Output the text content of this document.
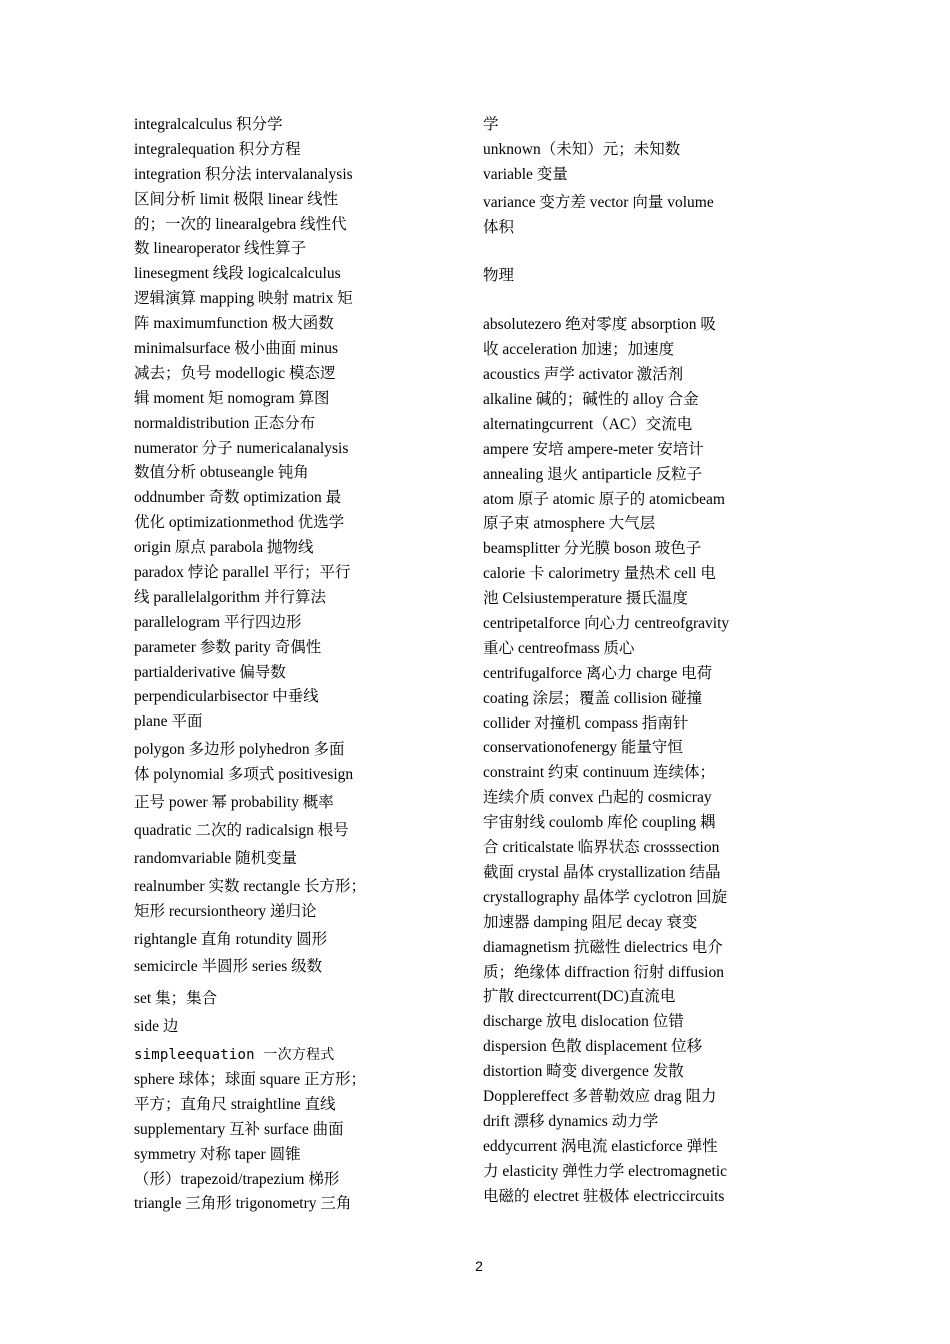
integralcalculus 积分学
integralequation 积分方程
integration 积分法 intervalanalysis
区间分析 limit 极限 linear 线性
的；一次的 linearalgebra 线性代
数 linearoperator 线性算子
linesegment 线段 logicalcalculus
逻辑演算 mapping 映射 matrix 矩
阵 maximumfunction 极大函数
minimalsurface 极小曲面 minus
减去；负号 modellogic 模态逻
辑 moment 矩 nomogram 算图
normaldistribution 正态分布
numerator 分子 numericalanalysis
数值分析 obtuseangle 钝角
oddnumber 奇数 optimization 最
优化 optimizationmethod 优选学
origin 原点 parabola 抛物线
paradox 悖论 parallel 平行；平行
线 parallelalgorithm 并行算法
parallelogram 平行四边形
parameter 参数 parity 奇偶性
partialderivative 偏导数
perpendicularbisector 中垂线
plane 平面
polygon 多边形 polyhedron 多面
体 polynomial 多项式 positivesign
正号 power 幂 probability 概率
quadratic 二次的 radicalsign 根号
randomvariable 随机变量
realnumber 实数 rectangle 长方形；
矩形 recursiontheory 递归论
rightangle 直角 rotundity 圆形
semicircle 半圆形 series 级数
set 集；集合
side 边
simpleequation 一次方程式
sphere 球体；球面 square 正方形；
平方；直角尺 straightline 直线
supplementary 互补 surface 曲面
symmetry 对称 taper 圆锥
（形）trapezoid/trapezium 梯形
triangle 三角形 trigonometry 三角
学
unknown（未知）元；未知数
variable 变量
variance 变方差 vector 向量 volume
体积
物理
absolutezero 绝对零度 absorption 吸
收 acceleration 加速；加速度
acoustics 声学 activator 激活剂
alkaline 碱的；碱性的 alloy 合金
alternatingcurrent（AC）交流电
ampere 安培 ampere-meter 安培计
annealing 退火 antiparticle 反粒子
atom 原子 atomic 原子的 atomicbeam
原子束 atmosphere 大气层
beamsplitter 分光膜 boson 玻色子
calorie 卡 calorimetry 量热术 cell 电
池 Celsiustemperature 摄氏温度
centripetalforce 向心力 centreofgravity
重心 centreofmass 质心
centrifugalforce 离心力 charge 电荷
coating 涂层；覆盖 collision 碰撞
collider 对撞机 compass 指南针
conservationofenergy 能量守恒
constraint 约束 continuum 连续体；
连续介质 convex 凸起的 cosmicray
宇宙射线 coulomb 库伦 coupling 耦
合 criticalstate 临界状态 crosssection
截面 crystal 晶体 crystallization 结晶
crystallography 晶体学 cyclotron 回旋
加速器 damping 阻尼 decay 衰变
diamagnetism 抗磁性 dielectrics 电介
质；绝缘体 diffraction 衍射 diffusion
扩散 directcurrent(DC)直流电
discharge 放电 dislocation 位错
dispersion 色散 displacement 位移
distortion 畸变 divergence 发散
Dopplereffect 多普勒效应 drag 阻力
drift 漂移 dynamics 动力学
eddycurrent 涡电流 elasticforce 弹性
力 elasticity 弹性力学 electromagnetic
电磁的 electret 驻极体 electriccircuits
2
